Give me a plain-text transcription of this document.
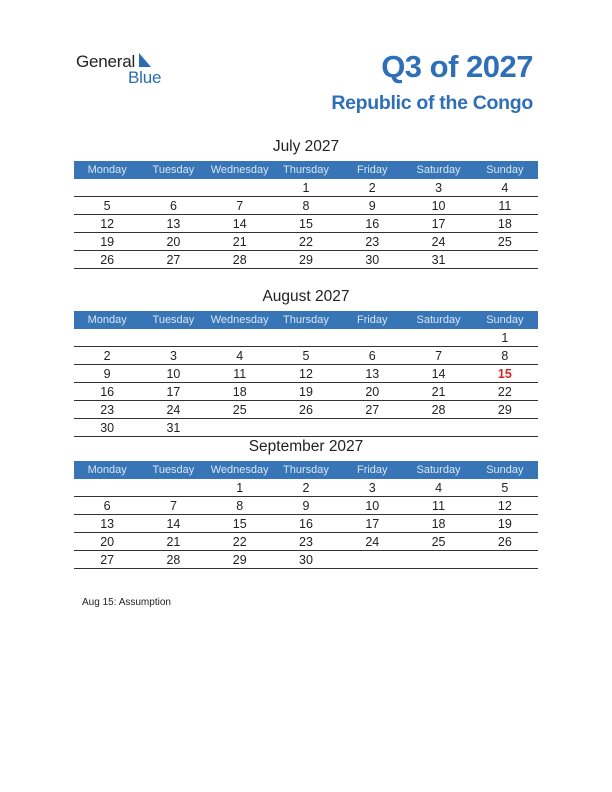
General
Blue	Q3 of 2027
Republic of the Congo
July 2027
Monday	Tuesday	Wednesday	Thursday	Friday	Saturday	Sunday
			1	2	3	4
5	6	7	8	9	10	11
12	13	14	15	16	17	18
19	20	21	22	23	24	25
26	27	28	29	30	31	
August 2027
Monday	Tuesday	Wednesday	Thursday	Friday	Saturday	Sunday
						1
2	3	4	5	6	7	8
9	10	11	12	13	14	15
16	17	18	19	20	21	22
23	24	25	26	27	28	29
30	31					
September 2027
Monday	Tuesday	Wednesday	Thursday	Friday	Saturday	Sunday
		1	2	3	4	5
6	7	8	9	10	11	12
13	14	15	16	17	18	19
20	21	22	23	24	25	26
27	28	29	30			
Aug 15: Assumption
